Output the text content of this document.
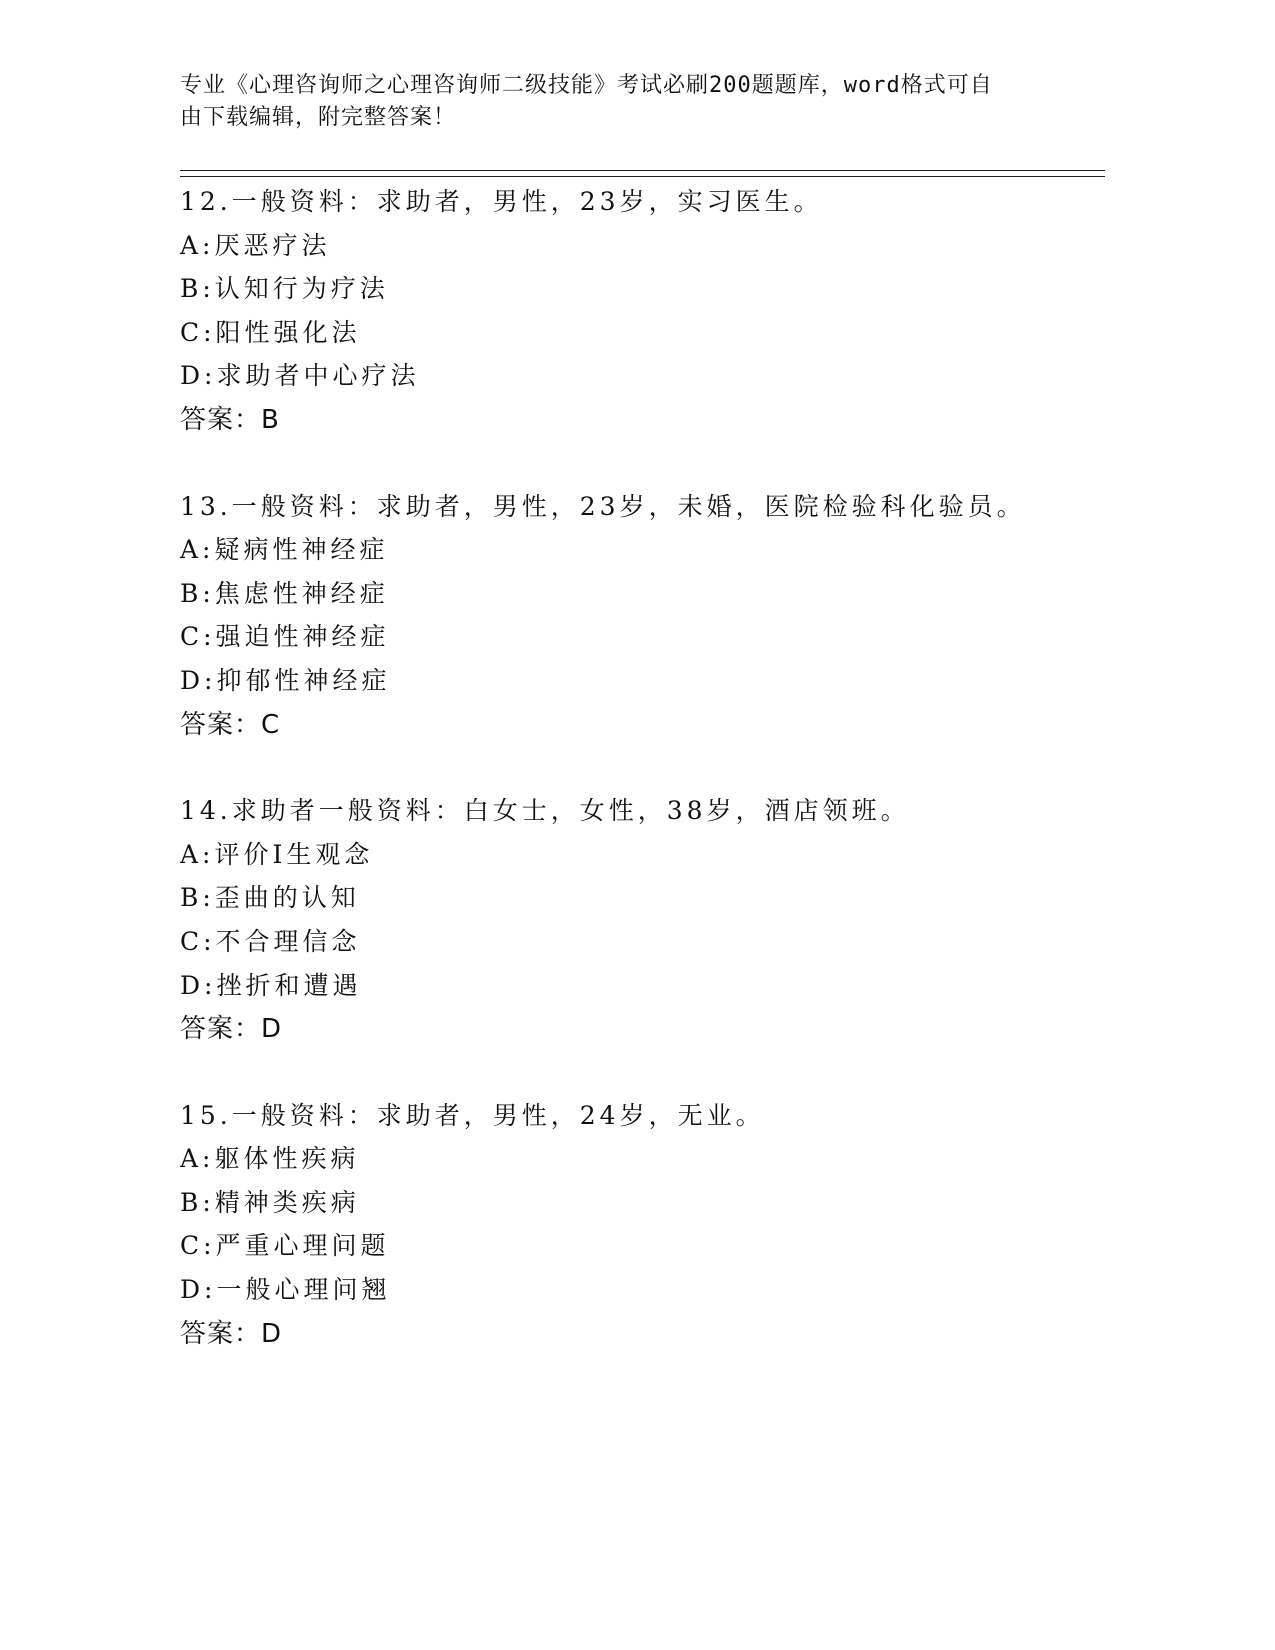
专业《心理咨询师之心理咨询师二级技能》考试必刷200题题库，word格式可自
由下载编辑，附完整答案！
12.一般资料：求助者，男性，23岁，实习医生。
A:厌恶疗法
B:认知行为疗法
C:阳性强化法
D:求助者中心疗法
答案：B
13.一般资料：求助者，男性，23岁，未婚，医院检验科化验员。
A:疑病性神经症
B:焦虑性神经症
C:强迫性神经症
D:抑郁性神经症
答案：C
14.求助者一般资料：白女士，女性，38岁，酒店领班。
A:评价Ⅰ生观念
B:歪曲的认知
C:不合理信念
D:挫折和遭遇
答案：D
15.一般资料：求助者，男性，24岁，无业。
A:躯体性疾病
B:精神类疾病
C:严重心理问题
D:一般心理问翘
答案：D
